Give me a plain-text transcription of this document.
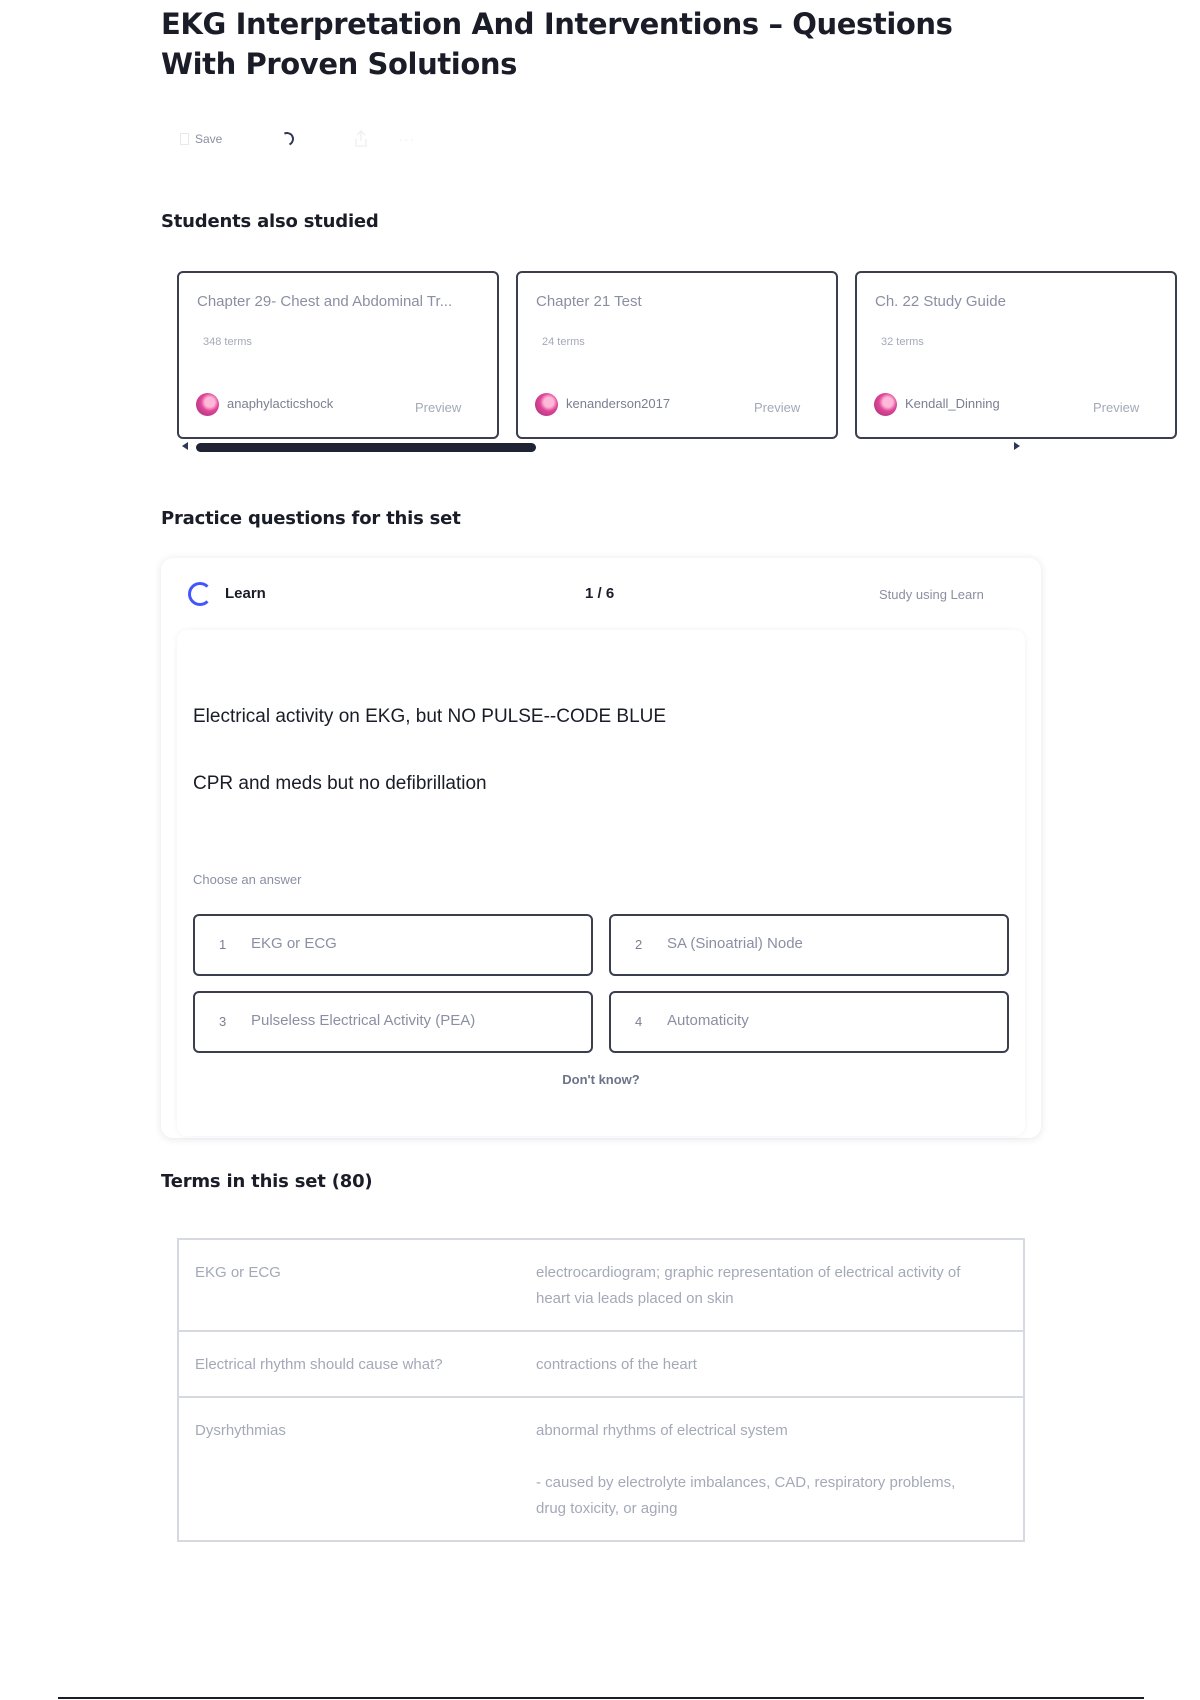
EKG Interpretation And Interventions – Questions With Proven Solutions
Save	···
Students also studied
Chapter 29- Chest and Abdominal Tr...
348 terms
anaphylacticshock	Preview
Chapter 21 Test
24 terms
kenanderson2017	Preview
Ch. 22 Study Guide
32 terms
Kendall_Dinning	Preview
Practice questions for this set
Learn	1 / 6	Study using Learn
Electrical activity on EKG, but NO PULSE--CODE BLUE
CPR and meds but no defibrillation
Choose an answer
1 EKG or ECG	2 SA (Sinoatrial) Node
3 Pulseless Electrical Activity (PEA)	4 Automaticity
Don't know?
Terms in this set (80)
EKG or ECG	electrocardiogram; graphic representation of electrical activity of heart via leads placed on skin

Electrical rhythm should cause what?	contractions of the heart

Dysrhythmias	abnormal rhythms of electrical system

- caused by electrolyte imbalances, CAD, respiratory problems, drug toxicity, or aging
